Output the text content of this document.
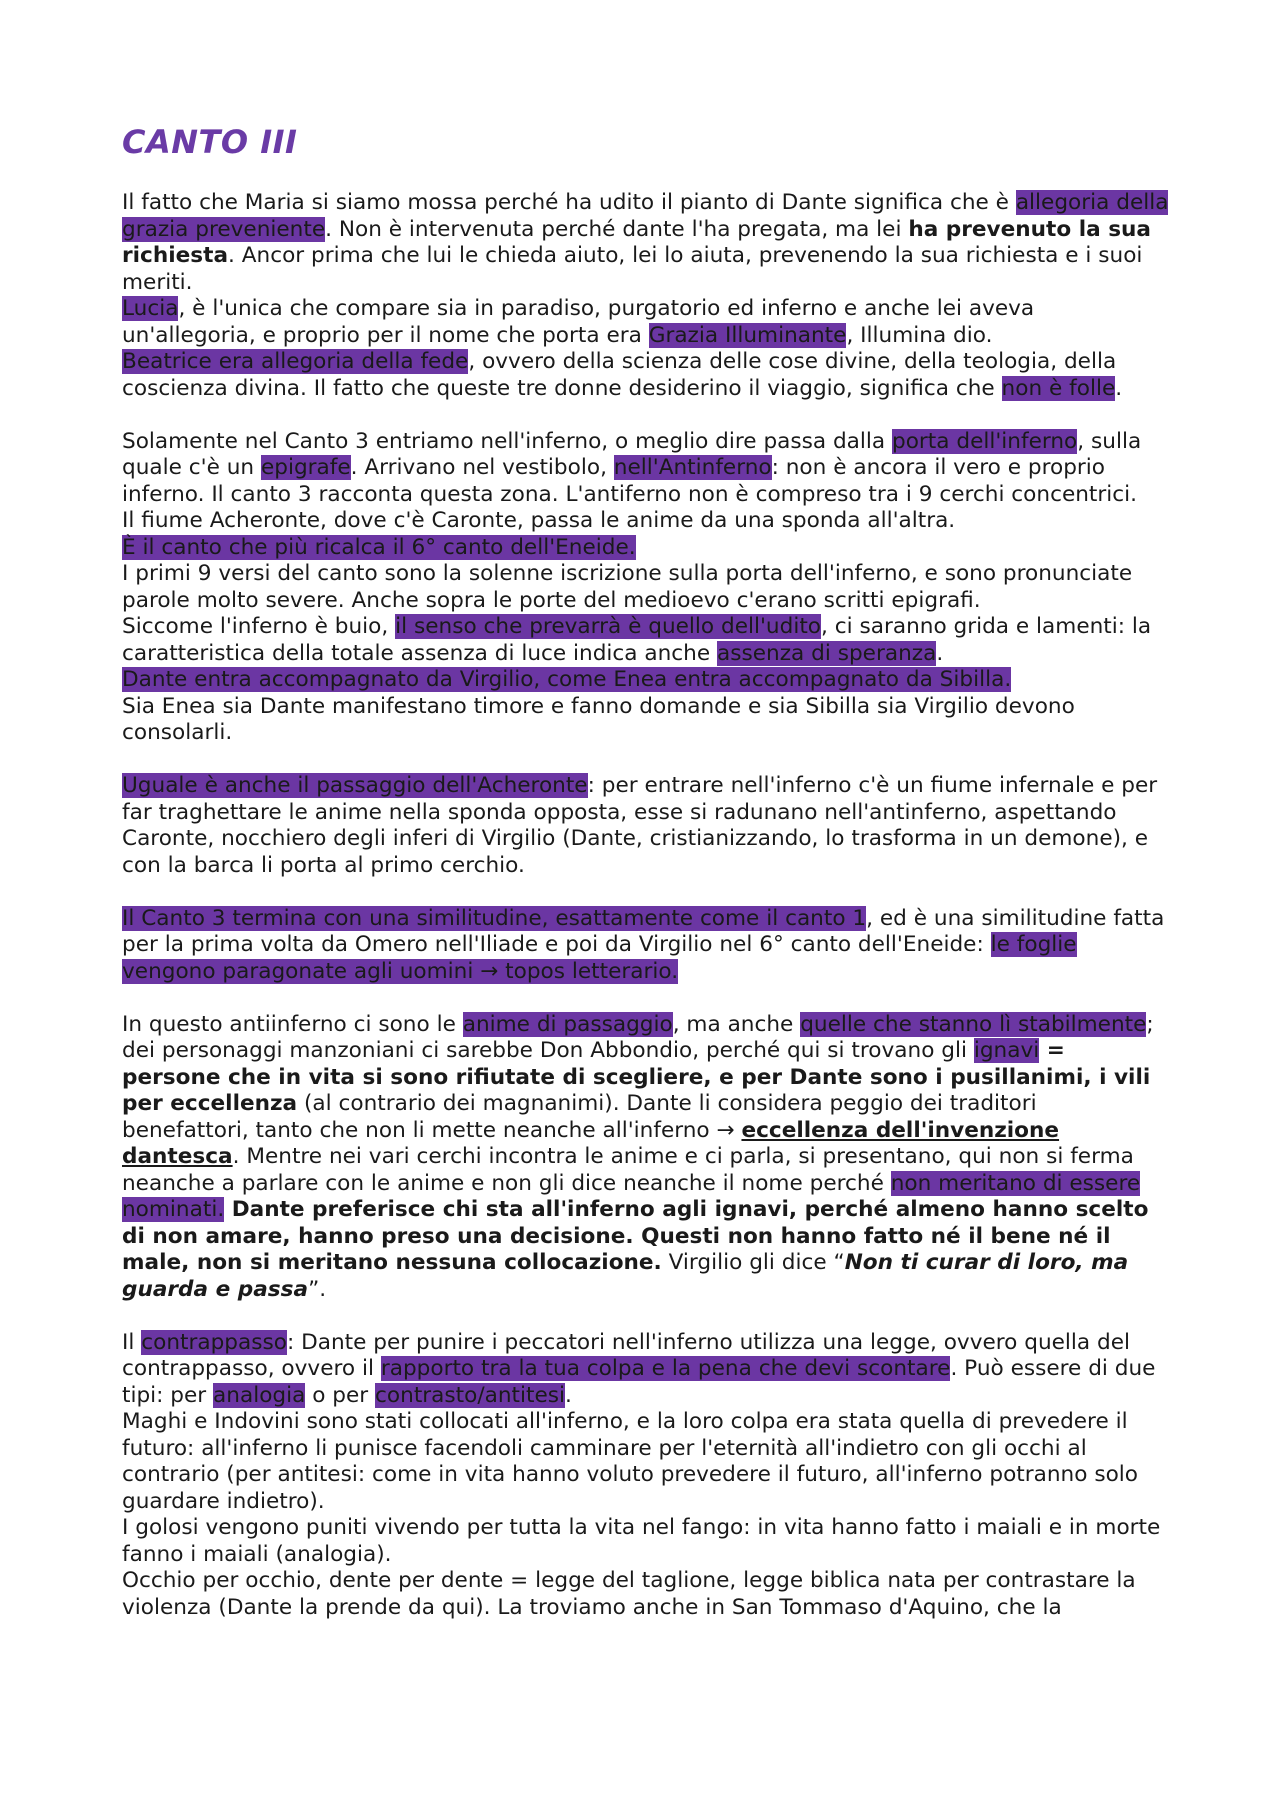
CANTO III

Il fatto che Maria si siamo mossa perché ha udito il pianto di Dante significa che è allegoria della grazia preveniente. Non è intervenuta perché dante l'ha pregata, ma lei ha prevenuto la sua richiesta. Ancor prima che lui le chieda aiuto, lei lo aiuta, prevenendo la sua richiesta e i suoi meriti.

Lucia, è l'unica che compare sia in paradiso, purgatorio ed inferno e anche lei aveva un'allegoria, e proprio per il nome che porta era Grazia Illuminante, Illumina dio.

Beatrice era allegoria della fede, ovvero della scienza delle cose divine, della teologia, della coscienza divina. Il fatto che queste tre donne desiderino il viaggio, significa che non è folle.

Solamente nel Canto 3 entriamo nell'inferno, o meglio dire passa dalla porta dell'inferno, sulla quale c'è un epigrafe. Arrivano nel vestibolo, nell'Antinferno: non è ancora il vero e proprio inferno. Il canto 3 racconta questa zona. L'antiferno non è compreso tra i 9 cerchi concentrici.

Il fiume Acheronte, dove c'è Caronte, passa le anime da una sponda all'altra.

È il canto che più ricalca il 6° canto dell'Eneide.

I primi 9 versi del canto sono la solenne iscrizione sulla porta dell'inferno, e sono pronunciate parole molto severe. Anche sopra le porte del medioevo c'erano scritti epigrafi.

Siccome l'inferno è buio, il senso che prevarrà è quello dell'udito, ci saranno grida e lamenti: la caratteristica della totale assenza di luce indica anche assenza di speranza.

Dante entra accompagnato da Virgilio, come Enea entra accompagnato da Sibilla.

Sia Enea sia Dante manifestano timore e fanno domande e sia Sibilla sia Virgilio devono consolarli.

Uguale è anche il passaggio dell'Acheronte: per entrare nell'inferno c'è un fiume infernale e per far traghettare le anime nella sponda opposta, esse si radunano nell'antinferno, aspettando Caronte, nocchiero degli inferi di Virgilio (Dante, cristianizzando, lo trasforma in un demone), e con la barca li porta al primo cerchio.

Il Canto 3 termina con una similitudine, esattamente come il canto 1, ed è una similitudine fatta per la prima volta da Omero nell'Iliade e poi da Virgilio nel 6° canto dell'Eneide: le foglie vengono paragonate agli uomini → topos letterario.

In questo antiinferno ci sono le anime di passaggio, ma anche quelle che stanno lì stabilmente; dei personaggi manzoniani ci sarebbe Don Abbondio, perché qui si trovano gli ignavi = persone che in vita si sono rifiutate di scegliere, e per Dante sono i pusillanimi, i vili per eccellenza (al contrario dei magnanimi). Dante li considera peggio dei traditori benefattori, tanto che non li mette neanche all'inferno → eccellenza dell'invenzione dantesca. Mentre nei vari cerchi incontra le anime e ci parla, si presentano, qui non si ferma neanche a parlare con le anime e non gli dice neanche il nome perché non meritano di essere nominati. Dante preferisce chi sta all'inferno agli ignavi, perché almeno hanno scelto di non amare, hanno preso una decisione. Questi non hanno fatto né il bene né il male, non si meritano nessuna collocazione. Virgilio gli dice “Non ti curar di loro, ma guarda e passa”.

Il contrappasso: Dante per punire i peccatori nell'inferno utilizza una legge, ovvero quella del contrappasso, ovvero il rapporto tra la tua colpa e la pena che devi scontare. Può essere di due tipi: per analogia o per contrasto/antitesi.

Maghi e Indovini sono stati collocati all'inferno, e la loro colpa era stata quella di prevedere il futuro: all'inferno li punisce facendoli camminare per l'eternità all'indietro con gli occhi al contrario (per antitesi: come in vita hanno voluto prevedere il futuro, all'inferno potranno solo guardare indietro).

I golosi vengono puniti vivendo per tutta la vita nel fango: in vita hanno fatto i maiali e in morte fanno i maiali (analogia).

Occhio per occhio, dente per dente = legge del taglione, legge biblica nata per contrastare la violenza (Dante la prende da qui). La troviamo anche in San Tommaso d'Aquino, che la
